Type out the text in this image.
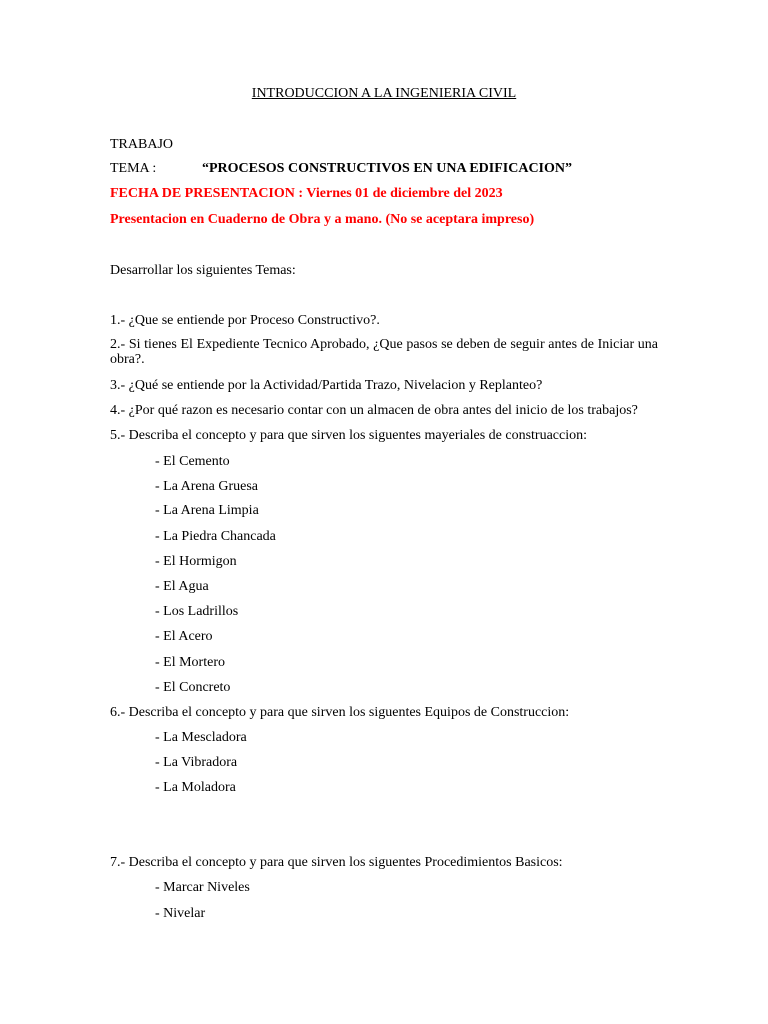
INTRODUCCION A LA INGENIERIA CIVIL
TRABAJO
TEMA :	“PROCESOS CONSTRUCTIVOS EN UNA EDIFICACION”
FECHA DE PRESENTACION : Viernes 01 de diciembre del 2023
Presentacion en Cuaderno de Obra y a mano. (No se aceptara impreso)
Desarrollar los siguientes Temas:
1.- ¿Que se entiende por Proceso Constructivo?.
2.- Si tienes El Expediente Tecnico Aprobado, ¿Que pasos se deben de seguir antes de Iniciar una obra?.
3.- ¿Qué se entiende por la Actividad/Partida Trazo, Nivelacion y Replanteo?
4.- ¿Por qué razon es necesario contar con un almacen de obra antes del inicio de los trabajos?
5.- Describa el concepto y para que sirven los siguentes mayeriales de construaccion:
- El Cemento
- La Arena Gruesa
- La Arena Limpia
- La Piedra Chancada
- El Hormigon
- El Agua
- Los Ladrillos
- El Acero
- El Mortero
- El Concreto
6.- Describa el concepto y para que sirven los siguentes Equipos de Construccion:
- La Mescladora
- La Vibradora
- La Moladora
7.- Describa el concepto y para que sirven los siguentes Procedimientos Basicos:
- Marcar Niveles
- Nivelar
